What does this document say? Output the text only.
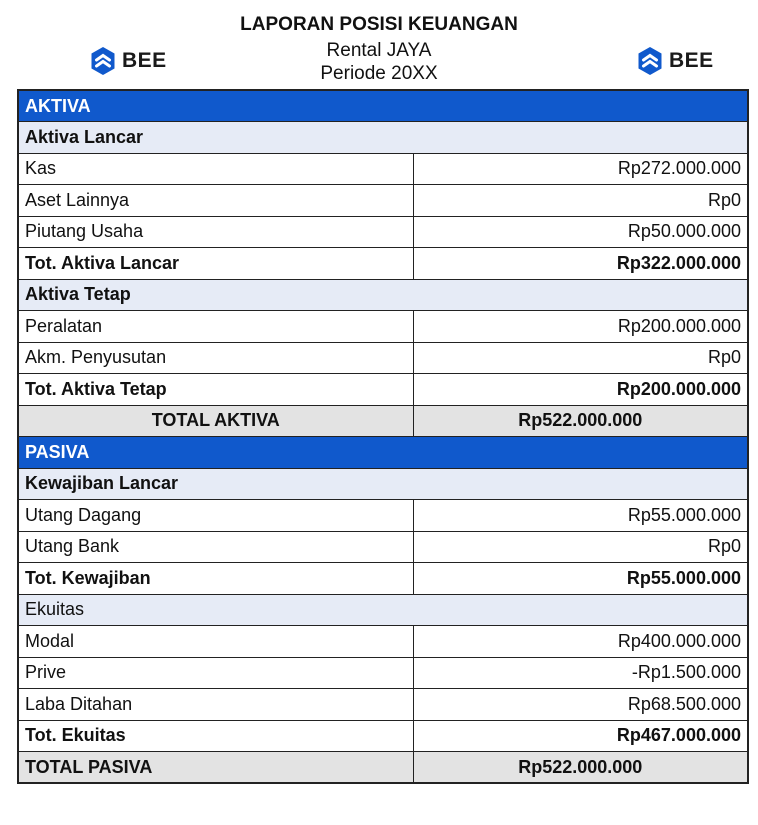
BEE
LAPORAN POSISI KEUANGAN
Rental JAYA
Periode 20XX
BEE
AKTIVA	
Aktiva Lancar	
Kas	Rp272.000.000
Aset Lainnya	Rp0
Piutang Usaha	Rp50.000.000
Tot. Aktiva Lancar	Rp322.000.000
Aktiva Tetap	
Peralatan	Rp200.000.000
Akm. Penyusutan	Rp0
Tot. Aktiva Tetap	Rp200.000.000
TOTAL AKTIVA	Rp522.000.000
PASIVA	
Kewajiban Lancar	
Utang Dagang	Rp55.000.000
Utang Bank	Rp0
Tot. Kewajiban	Rp55.000.000
Ekuitas	
Modal	Rp400.000.000
Prive	-Rp1.500.000
Laba Ditahan	Rp68.500.000
Tot. Ekuitas	Rp467.000.000
TOTAL PASIVA	Rp522.000.000
